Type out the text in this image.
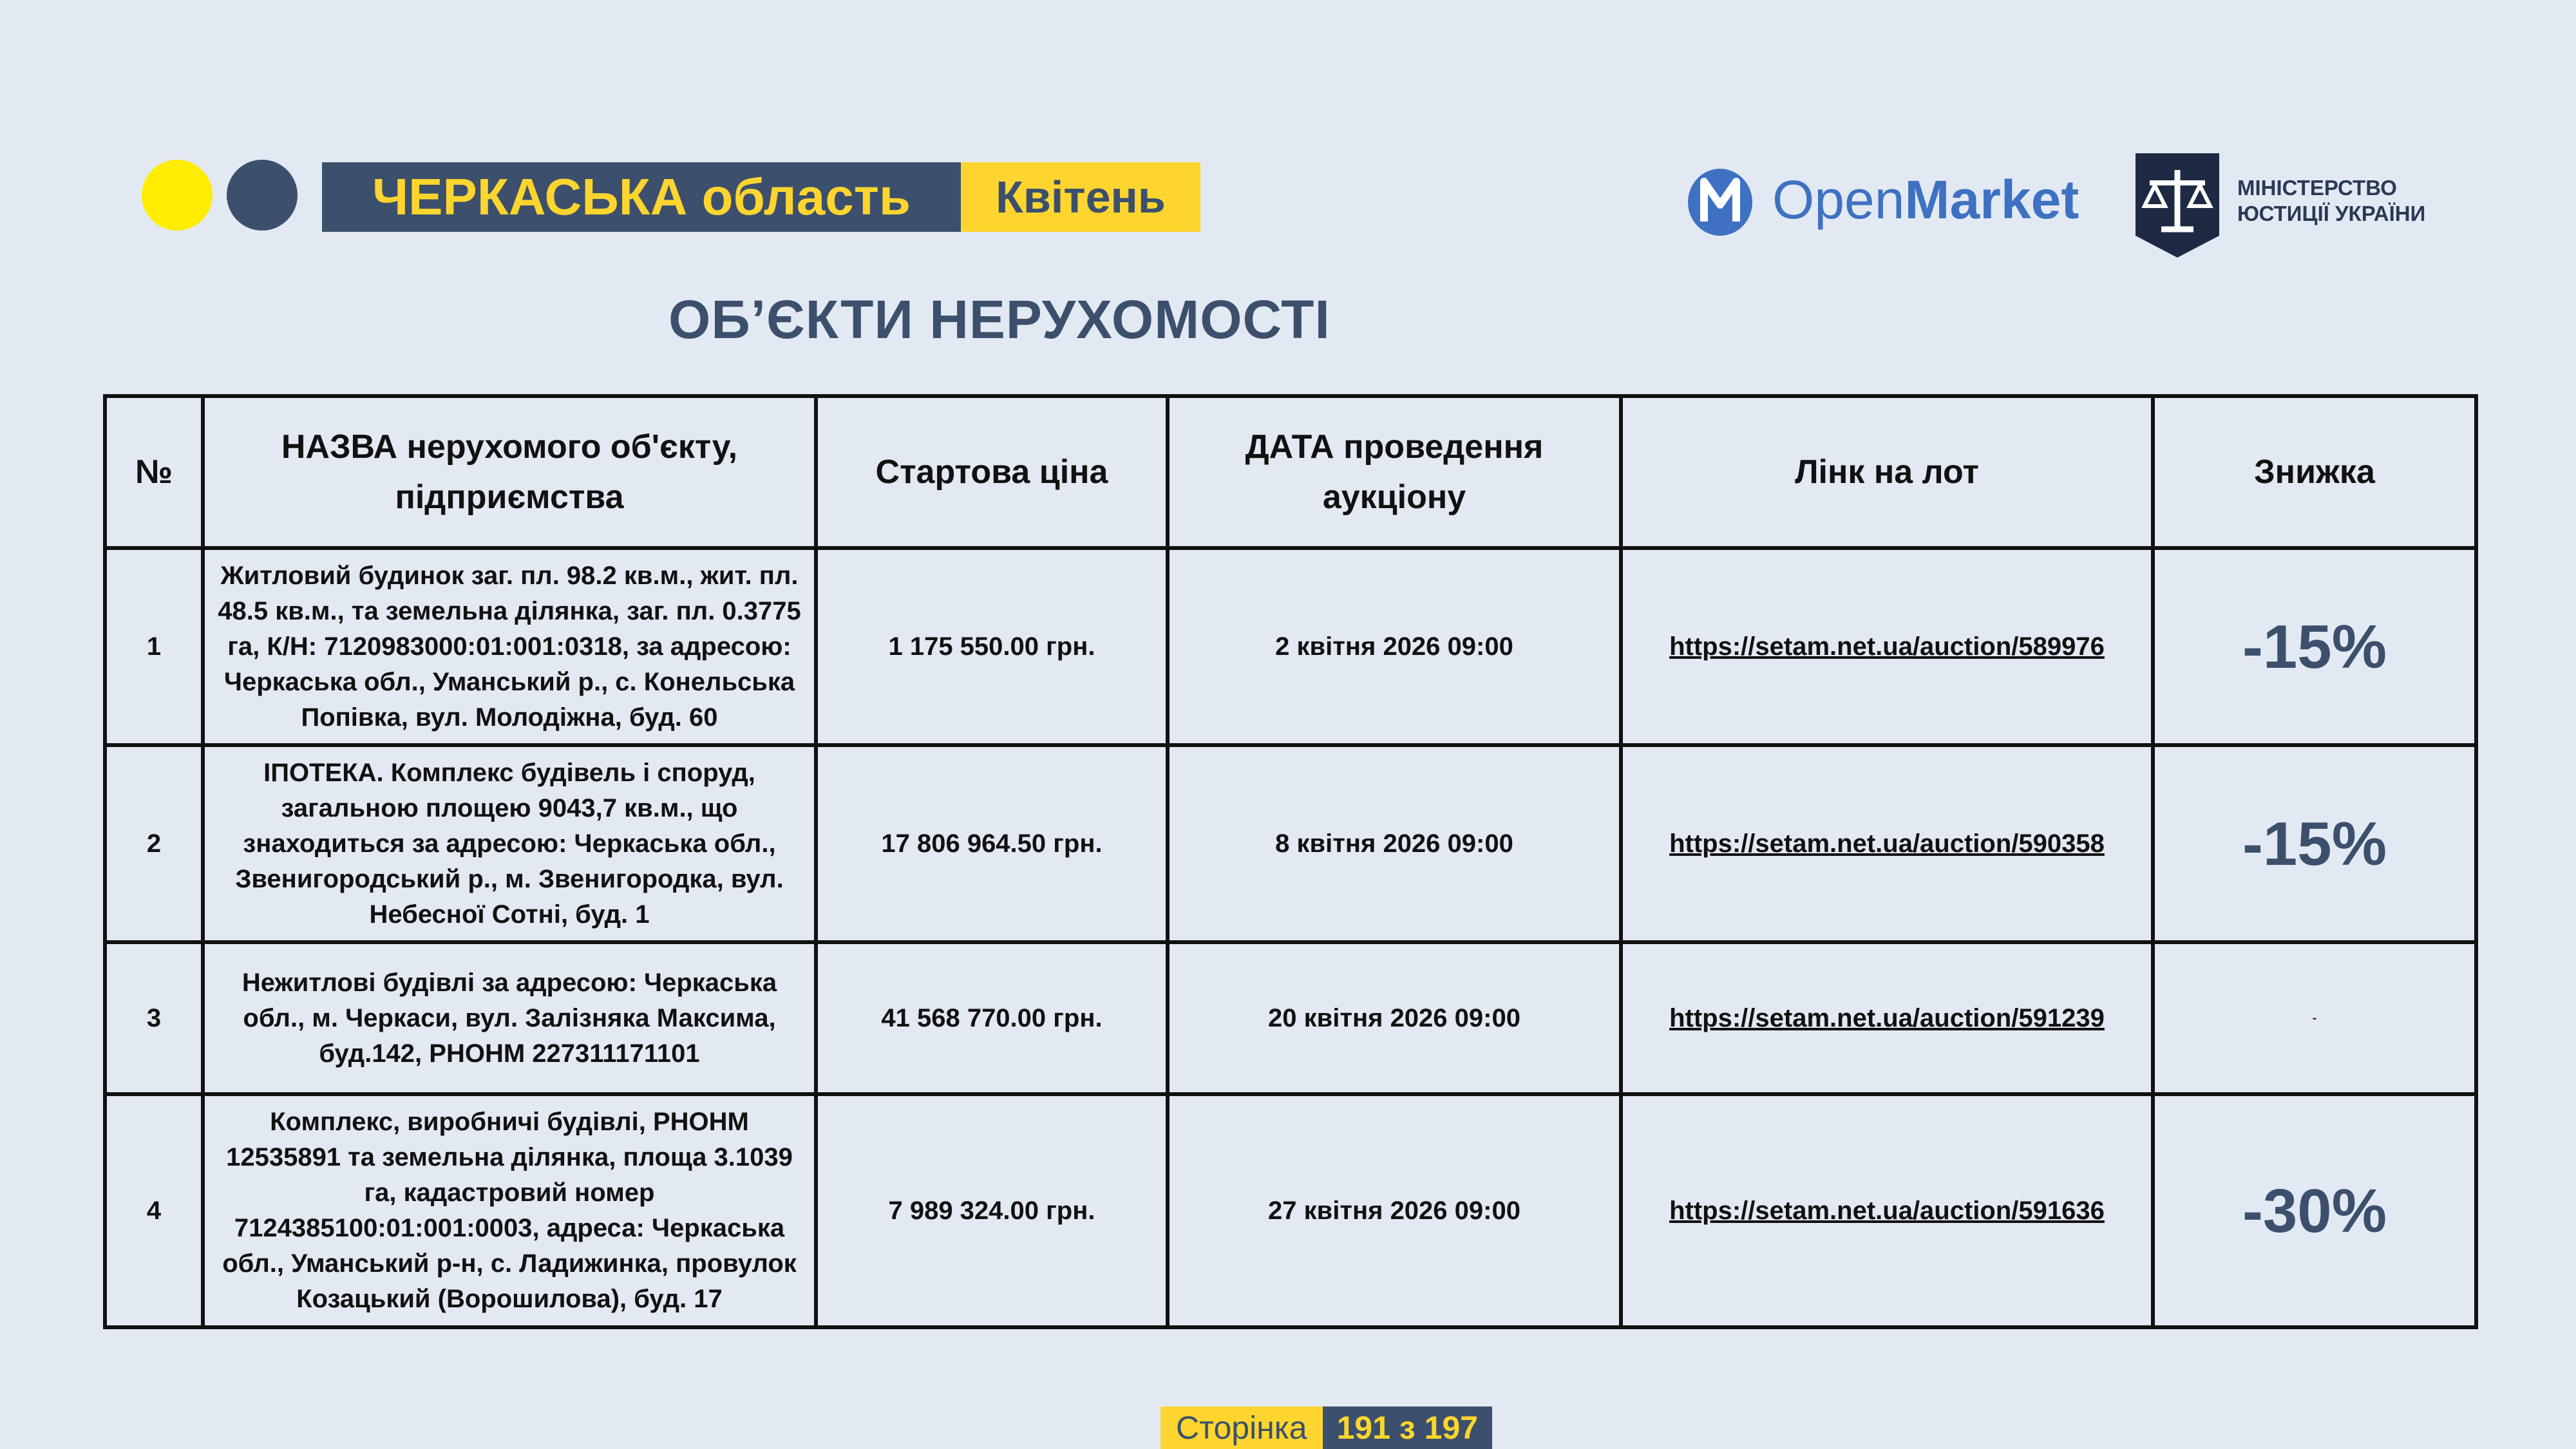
ЧЕРКАСЬКА область	Квітень	OpenMarket	МІНІСТЕРСТВО
ЮСТИЦІЇ УКРАЇНИ
ОБ’ЄКТИ НЕРУХОМОСТІ
№	НАЗВА нерухомого об'єкту, підприємства	Стартова ціна	ДАТА проведення аукціону	Лінк на лот	Знижка
1	Житловий будинок заг. пл. 98.2 кв.м., жит. пл. 48.5 кв.м., та земельна ділянка, заг. пл. 0.3775 га, К/Н: 7120983000:01:001:0318, за адресою: Черкаська обл., Уманський р., с. Конельська Попівка, вул. Молодіжна, буд. 60	1 175 550.00 грн.	2 квітня 2026 09:00	https://setam.net.ua/auction/589976	-15%
2	ІПОТЕКА. Комплекс будівель і споруд, загальною площею 9043,7 кв.м., що знаходиться за адресою: Черкаська обл., Звенигородський р., м. Звенигородка, вул. Небесної Сотні, буд. 1	17 806 964.50 грн.	8 квітня 2026 09:00	https://setam.net.ua/auction/590358	-15%
3	Нежитлові будівлі за адресою: Черкаська обл., м. Черкаси, вул. Залізняка Максима, буд.142, РНОНМ 227311171101	41 568 770.00 грн.	20 квітня 2026 09:00	https://setam.net.ua/auction/591239	-
4	Комплекс, виробничі будівлі, РНОНМ 12535891 та земельна ділянка, площа 3.1039 га, кадастровий номер 7124385100:01:001:0003, адреса: Черкаська обл., Уманський р-н, с. Ладижинка, провулок Козацький (Ворошилова), буд. 17	7 989 324.00 грн.	27 квітня 2026 09:00	https://setam.net.ua/auction/591636	-30%
Сторінка 191 з 197
